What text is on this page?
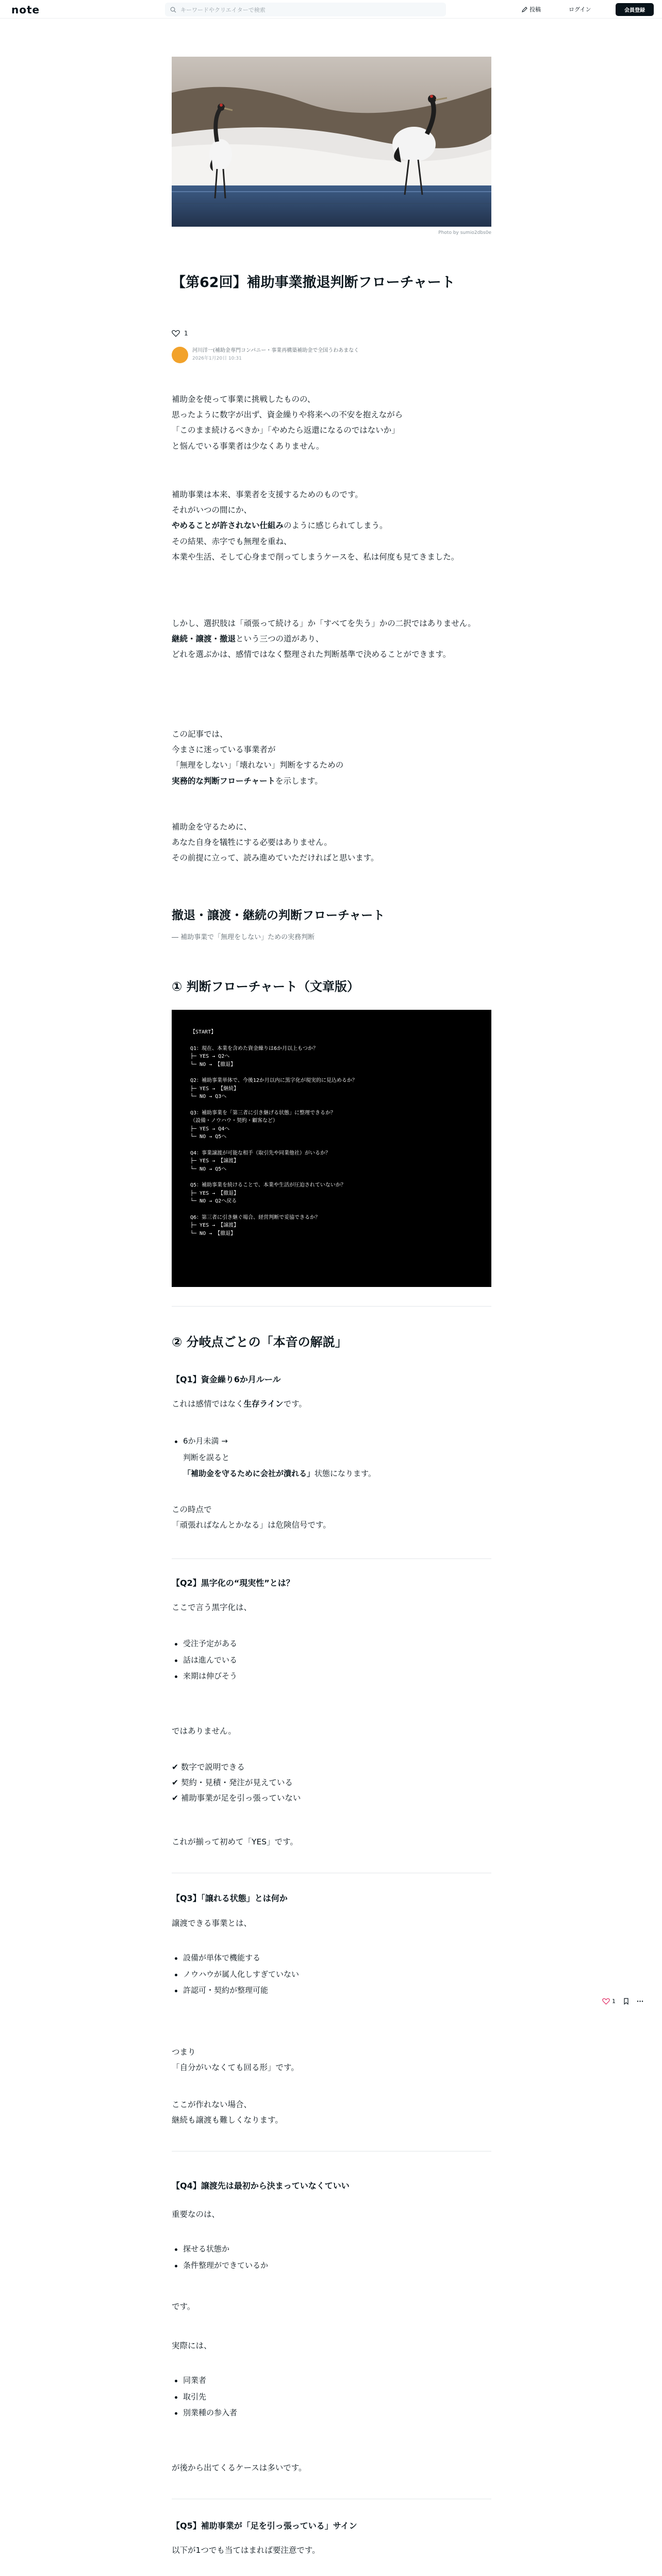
note	キーワードやクリエイターで検索	投稿	ログイン	会員登録
Photo by sumio2dbs0e
【第62回】補助事業撤退判断フローチャート
1
河川洋一(補助金専門コンパニー・事業再構築補助金で全国うわあまなく
2026年1月20日 10:31

補助金を使って事業に挑戦したものの、

思ったように数字が出ず、資金繰りや将来への不安を抱えながら

「このまま続けるべきか」「やめたら返還になるのではないか」

と悩んでいる事業者は少なくありません。

補助事業は本来、事業者を支援するためのものです。

それがいつの間にか、

やめることが許されない仕組みのように感じられてしまう。

その結果、赤字でも無理を重ね、

本業や生活、そして心身まで削ってしまうケースを、私は何度も見てきました。

しかし、選択肢は「頑張って続ける」か「すべてを失う」かの二択ではありません。

継続・譲渡・撤退という三つの道があり、

どれを選ぶかは、感情ではなく整理された判断基準で決めることができます。

この記事では、

今まさに迷っている事業者が

「無理をしない」「壊れない」判断をするための

実務的な判断フローチャートを示します。

補助金を守るために、

あなた自身を犠牲にする必要はありません。

その前提に立って、読み進めていただければと思います。

撤退・譲渡・継続の判断フローチャート
― 補助事業で「無理をしない」ための実務判断
① 判断フローチャート（文章版）
【START】
Q1：現在、本業を含めた資金繰りは6か月以上もつか？
├─ YES → Q2へ
└─ NO → 【撤退】
Q2：補助事業単体で、今後12か月以内に黒字化が現実的に見込めるか？
├─ YES → 【継続】
└─ NO → Q3へ
Q3：補助事業を「第三者に引き継げる状態」に整理できるか？
（設備・ノウハウ・契約・顧客など）
├─ YES → Q4へ
└─ NO → Q5へ
Q4：事業譲渡が可能な相手（取引先や同業他社）がいるか？
├─ YES → 【譲渡】
└─ NO → Q5へ
Q5：補助事業を続けることで、本業や生活が圧迫されていないか？
├─ YES → 【撤退】
└─ NO → Q2へ戻る
Q6：第三者に引き継ぐ場合、経営判断で妥協できるか？
├─ YES → 【譲渡】
└─ NO → 【撤退】
② 分岐点ごとの「本音の解説」
【Q1】資金繰り6か月ルール

これは感情ではなく生存ラインです。

6か月未満 →
判断を誤ると
「補助金を守るために会社が潰れる」状態になります。

この時点で

「頑張ればなんとかなる」は危険信号です。

【Q2】黒字化の“現実性”とは？
ここで言う黒字化は、
受注予定がある
話は進んでいる
来期は伸びそう
ではありません。

✔ 数字で説明できる

✔ 契約・見積・発注が見えている

✔ 補助事業が足を引っ張っていない

これが揃って初めて「YES」です。
【Q3】「譲れる状態」とは何か
譲渡できる事業とは、
設備が単体で機能する
ノウハウが属人化しすぎていない
許認可・契約が整理可能

つまり

「自分がいなくても回る形」です。

ここが作れない場合、

継続も譲渡も難しくなります。

【Q4】譲渡先は最初から決まっていなくていい
重要なのは、
探せる状態か
条件整理ができているか
です。
実際には、
同業者
取引先
別業種の参入者
が後から出てくるケースは多いです。
【Q5】補助事業が「足を引っ張っている」サイン
以下が1つでも当てはまれば要注意です。

1
